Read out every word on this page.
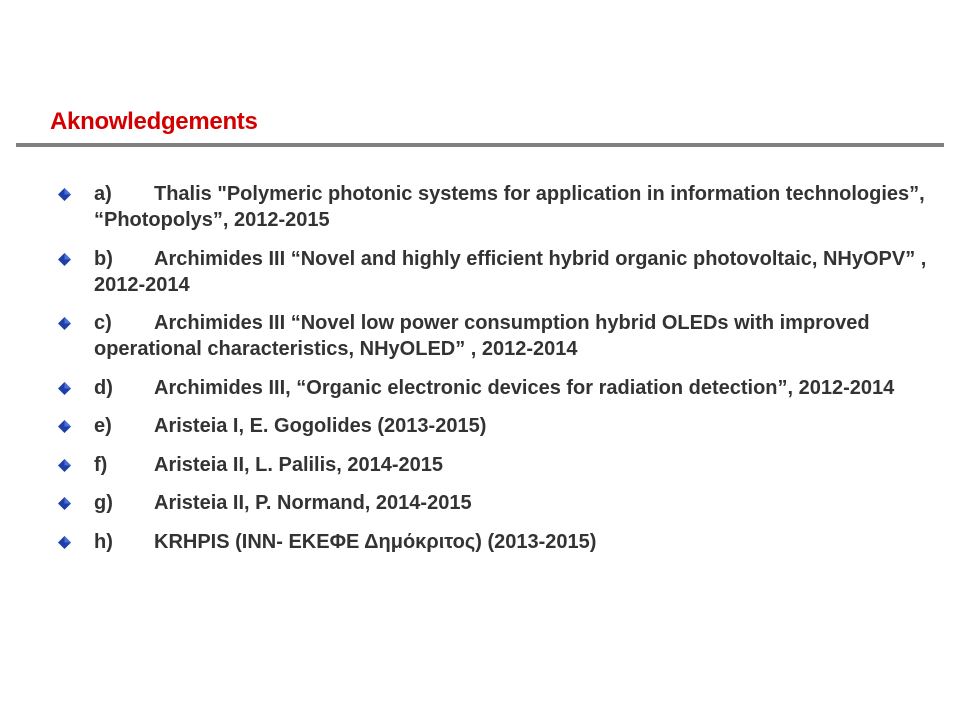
Aknowledgements
a) Thalis "Polymeric photonic systems for application in information technologies”, “Photopolys”, 2012-2015
b) Archimides III “Novel and highly efficient hybrid organic photovoltaic, NHyOPV” , 2012-2014
c) Archimides III “Novel low power consumption hybrid OLEDs with improved operational characteristics, NHyOLED” , 2012-2014
d) Archimides III, “Organic electronic devices for radiation detection”, 2012-2014
e) Aristeia I, E. Gogolides (2013-2015)
f) Aristeia II, L. Palilis, 2014-2015
g) Aristeia II, P. Normand, 2014-2015
h) KRHPIS (INN- ΕΚΕΦΕ Δημόκριτος) (2013-2015)
